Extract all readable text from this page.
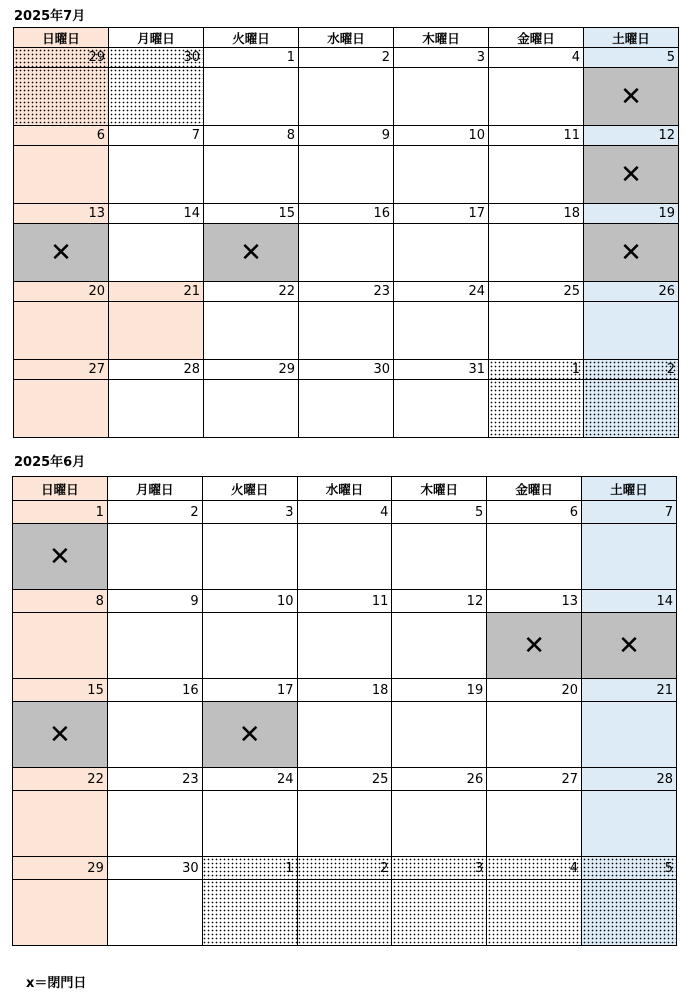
2025年7月
日曜日	月曜日	火曜日	水曜日	木曜日	金曜日	土曜日
29	30	1	2	3	4	5
						✕
6	7	8	9	10	11	12
						✕
13	14	15	16	17	18	19
✕		✕				✕
20	21	22	23	24	25	26

27	28	29	30	31	1	2

2025年6月
日曜日	月曜日	火曜日	水曜日	木曜日	金曜日	土曜日
1	2	3	4	5	6	7
✕						
8	9	10	11	12	13	14
					✕	✕
15	16	17	18	19	20	21
✕		✕				
22	23	24	25	26	27	28

29	30	1	2	3	4	5

x＝閉門日
